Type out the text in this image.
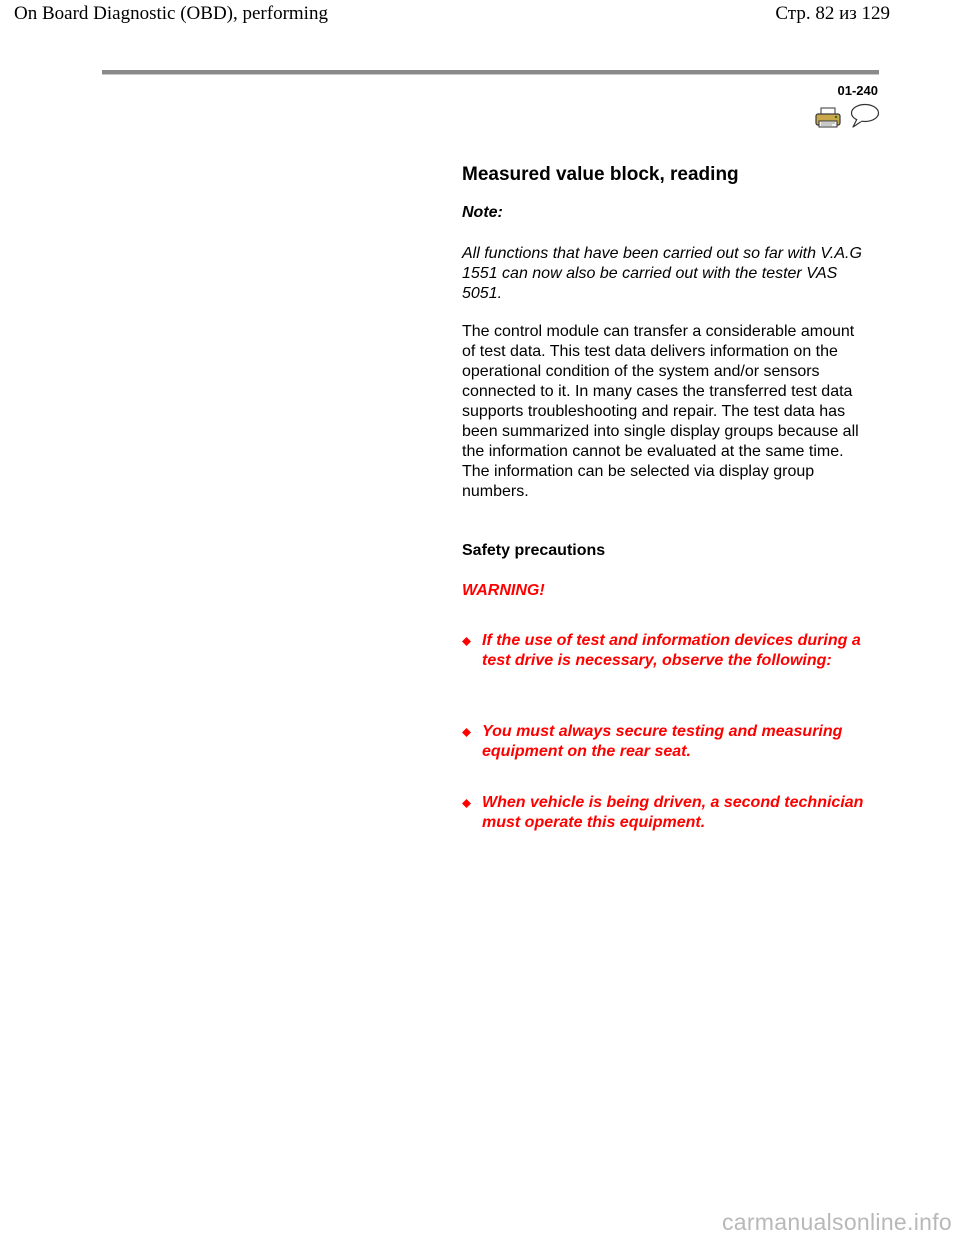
On Board Diagnostic (OBD), performing	Стр. 82 из 129
01-240
Measured value block, reading
Note:
All functions that have been carried out so far with V.A.G 1551 can now also be carried out with the tester VAS 5051.
The control module can transfer a considerable amount of test data. This test data delivers information on the operational condition of the system and/or sensors connected to it. In many cases the transferred test data supports troubleshooting and repair. The test data has been summarized into single display groups because all the information cannot be evaluated at the same time. The information can be selected via display group numbers.
Safety precautions
WARNING!
If the use of test and information devices during a test drive is necessary, observe the following:
You must always secure testing and measuring equipment on the rear seat.
When vehicle is being driven, a second technician must operate this equipment.
carmanualsonline.info
